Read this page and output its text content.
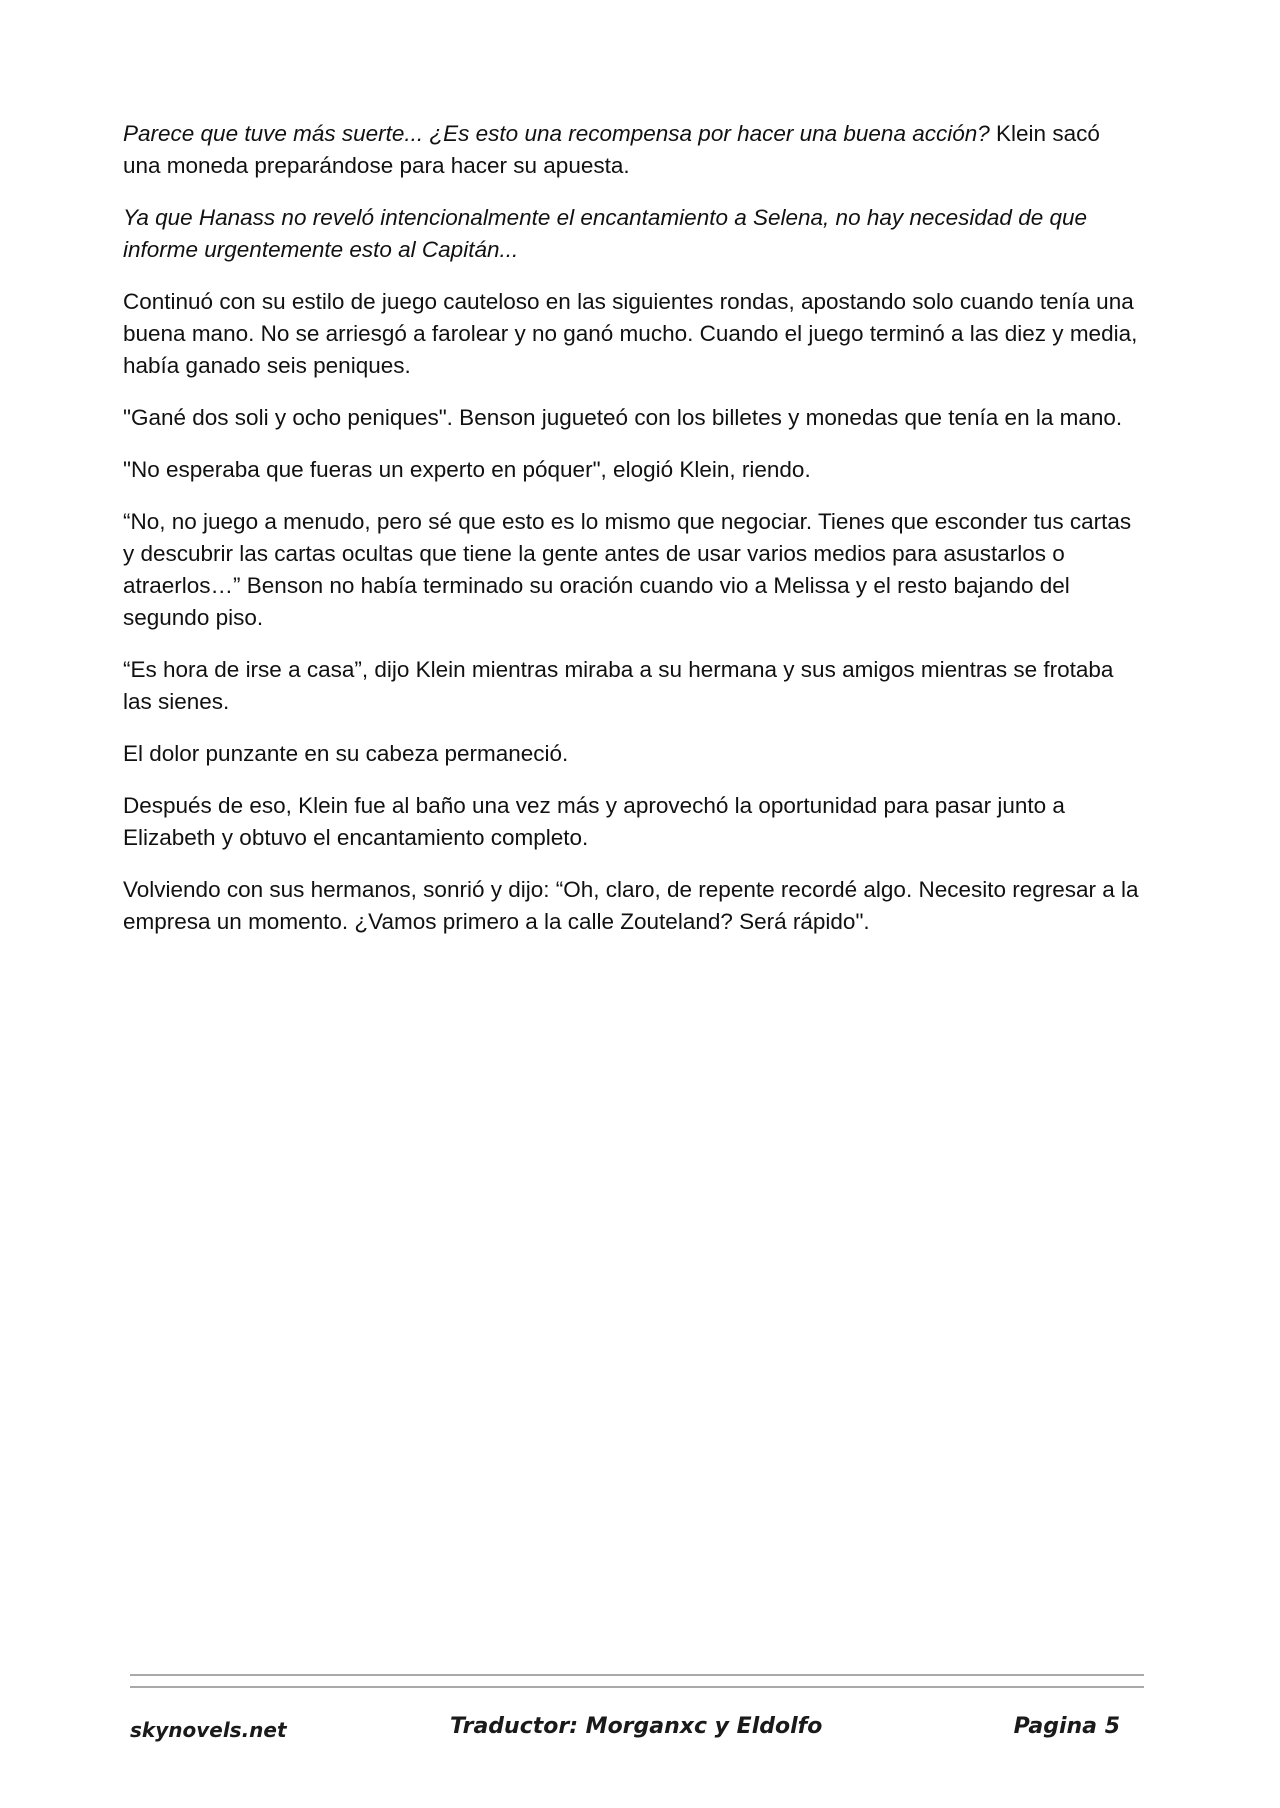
Parece que tuve más suerte... ¿Es esto una recompensa por hacer una buena acción? Klein sacó una moneda preparándose para hacer su apuesta.

Ya que Hanass no reveló intencionalmente el encantamiento a Selena, no hay necesidad de que informe urgentemente esto al Capitán...

Continuó con su estilo de juego cauteloso en las siguientes rondas, apostando solo cuando tenía una buena mano. No se arriesgó a farolear y no ganó mucho. Cuando el juego terminó a las diez y media, había ganado seis peniques.

"Gané dos soli y ocho peniques". Benson jugueteó con los billetes y monedas que tenía en la mano.

"No esperaba que fueras un experto en póquer", elogió Klein, riendo.

“No, no juego a menudo, pero sé que esto es lo mismo que negociar. Tienes que esconder tus cartas y descubrir las cartas ocultas que tiene la gente antes de usar varios medios para asustarlos o atraerlos…” Benson no había terminado su oración cuando vio a Melissa y el resto bajando del segundo piso.

“Es hora de irse a casa”, dijo Klein mientras miraba a su hermana y sus amigos mientras se frotaba las sienes.

El dolor punzante en su cabeza permaneció.

Después de eso, Klein fue al baño una vez más y aprovechó la oportunidad para pasar junto a Elizabeth y obtuvo el encantamiento completo.

Volviendo con sus hermanos, sonrió y dijo: “Oh, claro, de repente recordé algo. Necesito regresar a la empresa un momento. ¿Vamos primero a la calle Zouteland? Será rápido".

skynovels.net	Traductor: Morganxc y Eldolfo	Pagina 5
